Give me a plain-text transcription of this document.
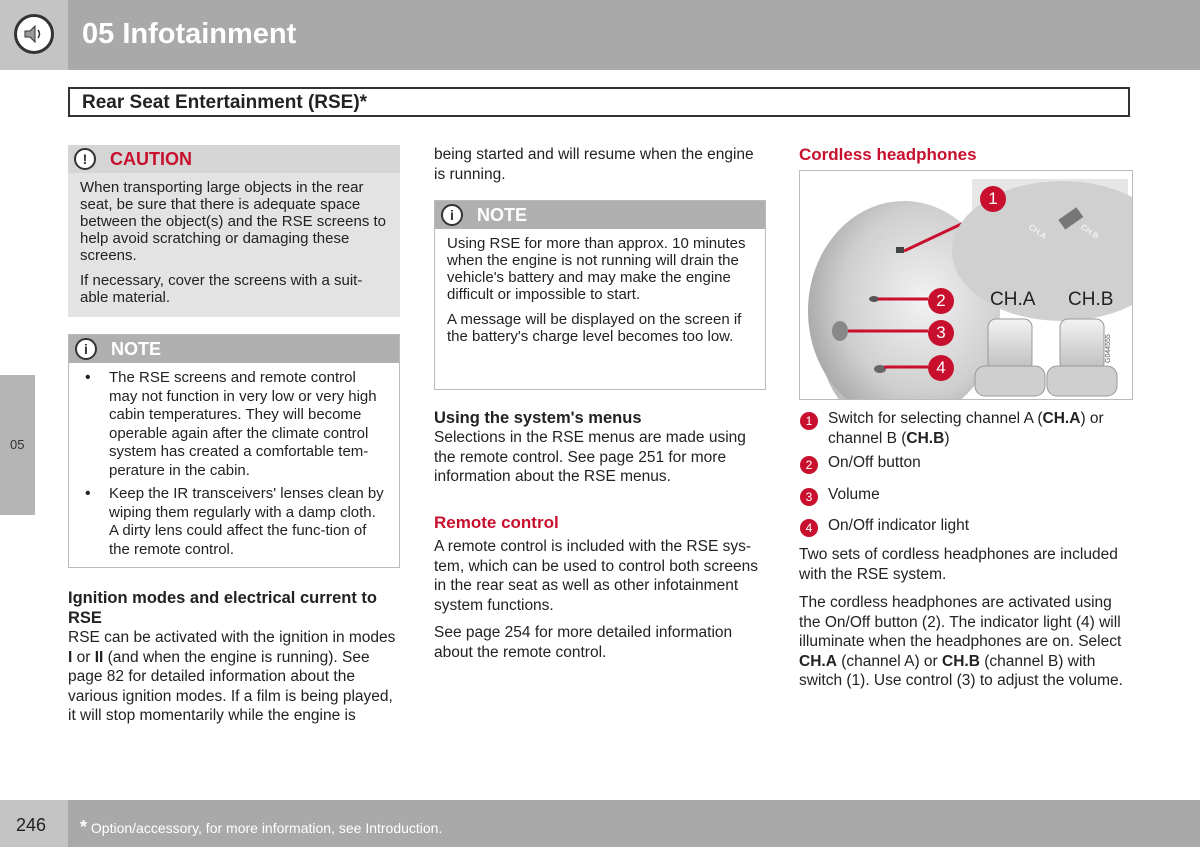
05 Infotainment
Rear Seat Entertainment (RSE)*
05
!	CAUTION

When transporting large objects in the rear seat, be sure that there is adequate space between the object(s) and the RSE screens to help avoid scratching or damaging these screens.

If necessary, cover the screens with a suit-able material.

i	NOTE
• The RSE screens and remote control may not function in very low or very high cabin temperatures. They will become operable again after the climate control system has created a comfortable tem-perature in the cabin.
• Keep the IR transceivers' lenses clean by wiping them regularly with a damp cloth. A dirty lens could affect the func-tion of the remote control.
Ignition modes and electrical current to RSE
RSE can be activated with the ignition in modes I or II (and when the engine is running). See page 82 for detailed information about the various ignition modes. If a film is being played, it will stop momentarily while the engine is
being started and will resume when the engine is running.
i	NOTE

Using RSE for more than approx. 10 minutes when the engine is not running will drain the vehicle's battery and may make the engine difficult or impossible to start.

A message will be displayed on the screen if the battery's charge level becomes too low.

Using the system's menus
Selections in the RSE menus are made using the remote control. See page 251 for more information about the RSE menus.
Remote control
A remote control is included with the RSE sys-tem, which can be used to control both screens in the rear seat as well as other infotainment system functions.
See page 254 for more detailed information about the remote control.
Cordless headphones
1
2
3
4
CH.A CH.B
CH.A	CH.B
G044555
1	Switch for selecting channel A (CH.A) or channel B (CH.B)
2	On/Off button
3	Volume
4	On/Off indicator light
Two sets of cordless headphones are included with the RSE system.
The cordless headphones are activated using the On/Off button (2). The indicator light (4) will illuminate when the headphones are on. Select CH.A (channel A) or CH.B (channel B) with switch (1). Use control (3) to adjust the volume.
246 * Option/accessory, for more information, see Introduction.
